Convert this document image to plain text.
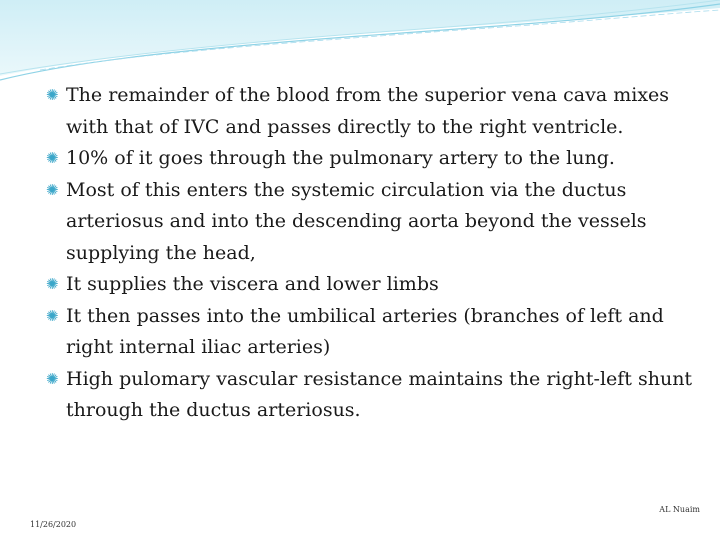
✺ The remainder of the blood from the superior vena cava mixes with that of IVC and passes directly to the right ventricle.
✺ 10% of it goes through the pulmonary artery to the lung.
✺ Most of this enters the systemic circulation via the ductus arteriosus and into the descending aorta beyond the vessels supplying the head,
✺ It supplies the viscera and lower limbs
✺ It then passes into the umbilical arteries (branches of left and right internal iliac arteries)
✺ High pulomary vascular resistance maintains the right-left shunt through the ductus arteriosus.
AL Nuaim
11/26/2020
